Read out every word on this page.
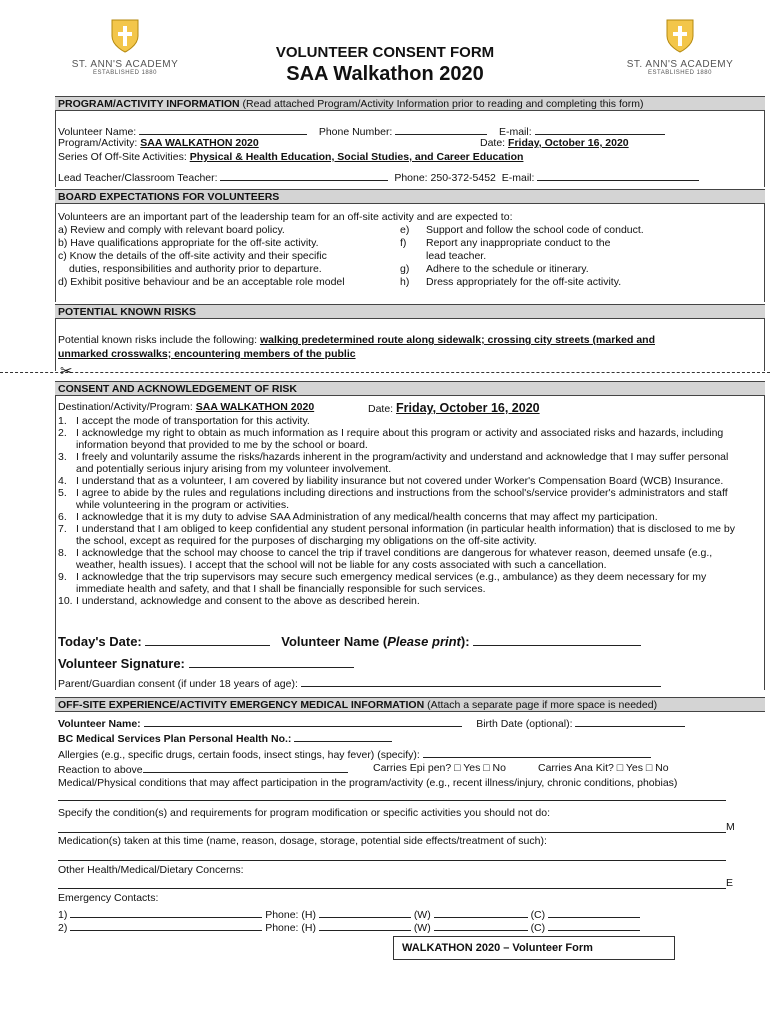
ST. ANN'S ACADEMY
ESTABLISHED 1880
ST. ANN'S ACADEMY
ESTABLISHED 1880
VOLUNTEER CONSENT FORM
SAA Walkathon 2020
PROGRAM/ACTIVITY INFORMATION (Read attached Program/Activity Information prior to reading and completing this form)
Volunteer Name:	Phone Number:	E-mail:
Program/Activity: SAA WALKATHON 2020	Date: Friday, October 16, 2020
Series Of Off-Site Activities: Physical & Health Education, Social Studies, and Career Education
Lead Teacher/Classroom Teacher:	Phone: 250-372-5452 E-mail:
BOARD EXPECTATIONS FOR VOLUNTEERS
Volunteers are an important part of the leadership team for an off-site activity and are expected to:
a) Review and comply with relevant board policy.
b) Have qualifications appropriate for the off-site activity.
c) Know the details of the off-site activity and their specific
duties, responsibilities and authority prior to departure.
d) Exhibit positive behaviour and be an acceptable role model
e)	Support and follow the school code of conduct.
f)	Report any inappropriate conduct to the
lead teacher.
g)	Adhere to the schedule or itinerary.
h)	Dress appropriately for the off-site activity.
POTENTIAL KNOWN RISKS
Potential known risks include the following: walking predetermined route along sidewalk; crossing city streets (marked and
unmarked crosswalks; encountering members of the public
✂
CONSENT AND ACKNOWLEDGEMENT OF RISK
Destination/Activity/Program: SAA WALKATHON 2020	Date: Friday, October 16, 2020
1. I accept the mode of transportation for this activity.
2. I acknowledge my right to obtain as much information as I require about this program or activity and associated risks and hazards, including information beyond that provided to me by the school or board.
3. I freely and voluntarily assume the risks/hazards inherent in the program/activity and understand and acknowledge that I may suffer personal and potentially serious injury arising from my volunteer involvement.
4. I understand that as a volunteer, I am covered by liability insurance but not covered under Worker's Compensation Board (WCB) Insurance.
5. I agree to abide by the rules and regulations including directions and instructions from the school's/service provider's administrators and staff while volunteering in the program or activities.
6. I acknowledge that it is my duty to advise SAA Administration of any medical/health concerns that may affect my participation.
7. I understand that I am obliged to keep confidential any student personal information (in particular health information) that is disclosed to me by the school, except as required for the purposes of discharging my obligations on the off-site activity.
8. I acknowledge that the school may choose to cancel the trip if travel conditions are dangerous for whatever reason, deemed unsafe (e.g., weather, health issues). I accept that the school will not be liable for any costs associated with such a cancellation.
9. I acknowledge that the trip supervisors may secure such emergency medical services (e.g., ambulance) as they deem necessary for my immediate health and safety, and that I shall be financially responsible for such services.
10. I understand, acknowledge and consent to the above as described herein.
Today's Date:	Volunteer Name (Please print):
Volunteer Signature:
Parent/Guardian consent (if under 18 years of age):
OFF-SITE EXPERIENCE/ACTIVITY EMERGENCY MEDICAL INFORMATION (Attach a separate page if more space is needed)
Volunteer Name:	Birth Date (optional):
BC Medical Services Plan Personal Health No.:
Allergies (e.g., specific drugs, certain foods, insect stings, hay fever) (specify):
Reaction to above	Carries Epi pen? □ Yes □ No	Carries Ana Kit? □ Yes □ No
Medical/Physical conditions that may affect participation in the program/activity (e.g., recent illness/injury, chronic conditions, phobias)
Specify the condition(s) and requirements for program modification or specific activities you should not do:
M
Medication(s) taken at this time (name, reason, dosage, storage, potential side effects/treatment of such):
Other Health/Medical/Dietary Concerns:
E
Emergency Contacts:
1)	Phone: (H)	(W)	(C)
2)	Phone: (H)	(W)	(C)
WALKATHON 2020 – Volunteer Form
